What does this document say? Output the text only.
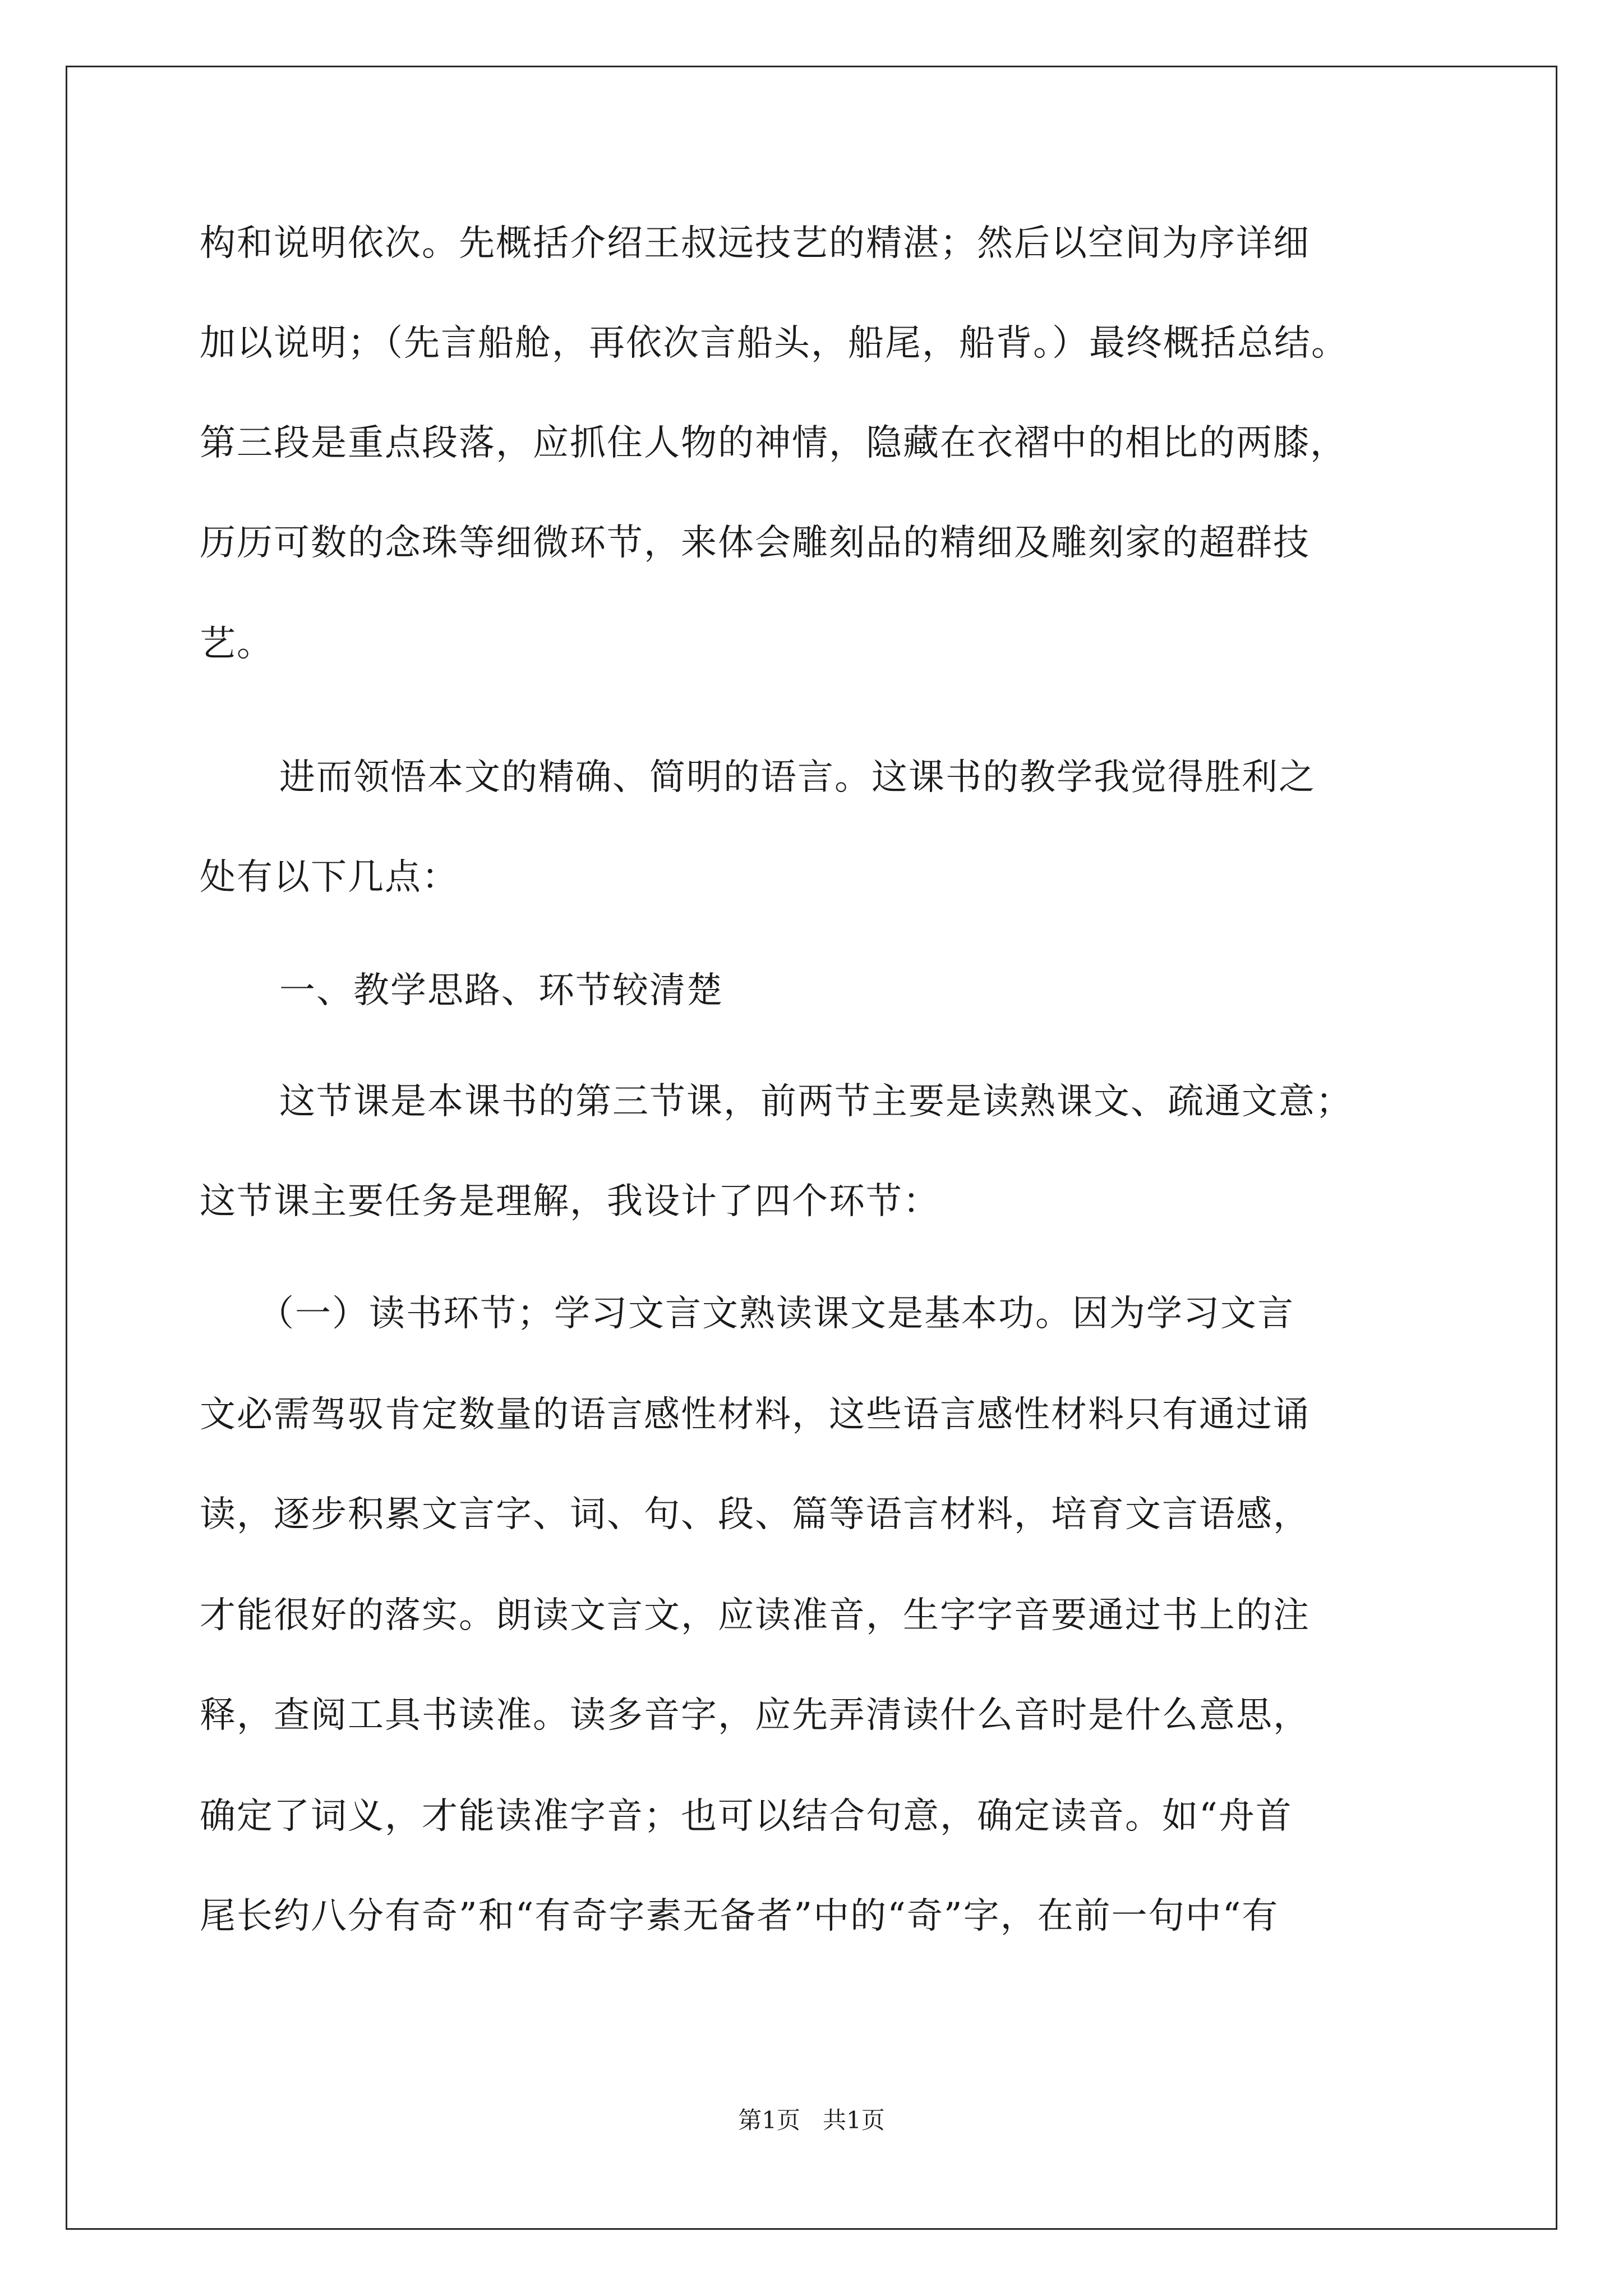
构和说明依次。先概括介绍王叔远技艺的精湛；然后以空间为序详细
加以说明；（先言船舱，再依次言船头，船尾，船背。）最终概括总结。
第三段是重点段落，应抓住人物的神情，隐藏在衣褶中的相比的两膝，
历历可数的念珠等细微环节，来体会雕刻品的精细及雕刻家的超群技
艺。
进而领悟本文的精确、简明的语言。这课书的教学我觉得胜利之
处有以下几点：
一、教学思路、环节较清楚
这节课是本课书的第三节课，前两节主要是读熟课文、疏通文意；
这节课主要任务是理解，我设计了四个环节：
（一）读书环节；学习文言文熟读课文是基本功。因为学习文言
文必需驾驭肯定数量的语言感性材料，这些语言感性材料只有通过诵
读，逐步积累文言字、词、句、段、篇等语言材料，培育文言语感，
才能很好的落实。朗读文言文，应读准音，生字字音要通过书上的注
释，查阅工具书读准。读多音字，应先弄清读什么音时是什么意思，
确定了词义，才能读准字音；也可以结合句意，确定读音。如“舟首
尾长约八分有奇”和“有奇字素无备者”中的“奇”字，在前一句中“有
第1页   共1页
